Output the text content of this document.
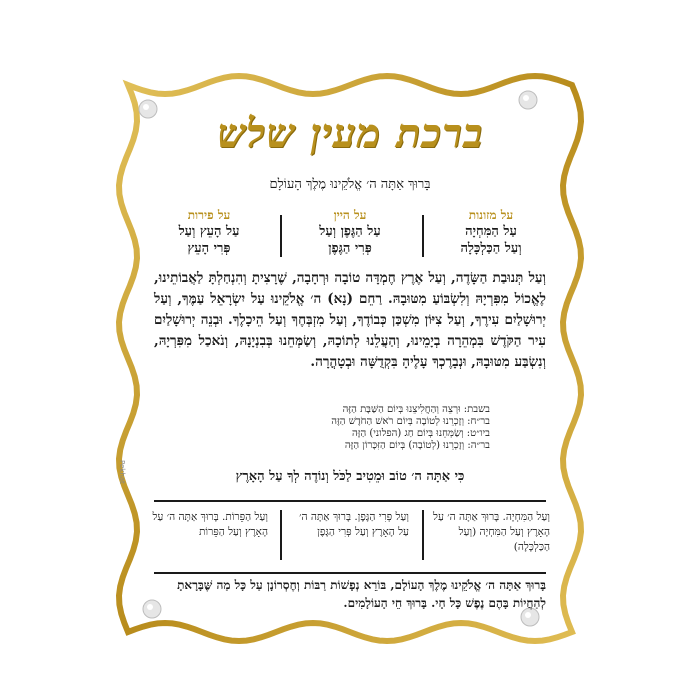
Pekhat
ברכת מעין שלש
בָּרוּךְ אַתָּה ה׳ אֱלֹקֵינוּ מֶלֶךְ הָעוֹלָם
על מזונות
עַל הַמִּחְיָה
וְעַל הַכַּלְכָּלָה
על היין
עַל הַגֶּפֶן וְעַל
פְּרִי הַגֶּפֶן
על פירות
עַל הָעֵץ וְעַל
פְּרִי הָעֵץ
וְעַל תְּנוּבַת הַשָּׂדֶה, וְעַל אֶרֶץ חֶמְדָּה טוֹבָה וּרְחָבָה, שֶׁרָצִיתָ וְהִנְחַלְתָּ לַאֲבוֹתֵינוּ, לֶאֱכוֹל מִפִּרְיָהּ וְלִשְׂבּוֹעַ מִטּוּבָהּ. רַחֵם (נָא) ה׳ אֱלֹקֵינוּ עַל יִשְׂרָאֵל עַמֶּךָ, וְעַל יְרוּשָׁלַיִם עִירֶךָ, וְעַל צִיּוֹן מִשְׁכַּן כְּבוֹדֶךָ, וְעַל מִזְבְּחֶךָ וְעַל הֵיכָלֶךָ. וּבְנֵה יְרוּשָׁלַיִם עִיר הַקֹּדֶשׁ בִּמְהֵרָה בְיָמֵינוּ, וְהַעֲלֵנוּ לְתוֹכָהּ, וְשַׂמְּחֵנוּ בְּבִנְיָנָהּ, וְנֹאכַל מִפִּרְיָהּ, וְנִשְׂבַּע מִטּוּבָהּ, וּנְבָרֶכְךָ עָלֶיהָ בִּקְדֻשָּׁה וּבְטָהֳרָה.
בשבת: וּרְצֵה וְהַחֲלִיצֵנוּ בְּיוֹם הַשַּׁבָּת הַזֶּה
בר״ח: וְזָכְרֵנוּ לְטוֹבָה בְּיוֹם רֹאשׁ הַחֹדֶשׁ הַזֶּה
ביו״ט: וְשַׂמְּחֵנוּ בְּיוֹם חַג (הפלוני) הַזֶּה
בר״ה: וְזָכְרֵנוּ (לְטוֹבָה) בְּיוֹם הַזִּכָּרוֹן הַזֶּה
כִּי אַתָּה ה׳ טוֹב וּמֵטִיב לַכֹּל וְנוֹדֶה לְךָ עַל הָאָרֶץ
וְעַל הַמִּחְיָה. בָּרוּךְ אַתָּה ה׳ עַל הָאָרֶץ וְעַל הַמִּחְיָה (וְעַל הַכַּלְכָּלָה)
וְעַל פְּרִי הַגָּפֶן. בָּרוּךְ אַתָּה ה׳ עַל הָאָרֶץ וְעַל פְּרִי הַגָּפֶן
וְעַל הַפֵּרוֹת. בָּרוּךְ אַתָּה ה׳ עַל הָאָרֶץ וְעַל הַפֵּרוֹת
בָּרוּךְ אַתָּה ה׳ אֱלֹקֵינוּ מֶלֶךְ הָעוֹלָם, בּוֹרֵא נְפָשׁוֹת רַבּוֹת וְחֶסְרוֹנָן עַל כָּל מַה שֶּׁבָּרָאתָ לְהַחֲיוֹת בָּהֶם נֶפֶשׁ כָּל חָי. בָּרוּךְ חֵי הָעוֹלָמִים.
